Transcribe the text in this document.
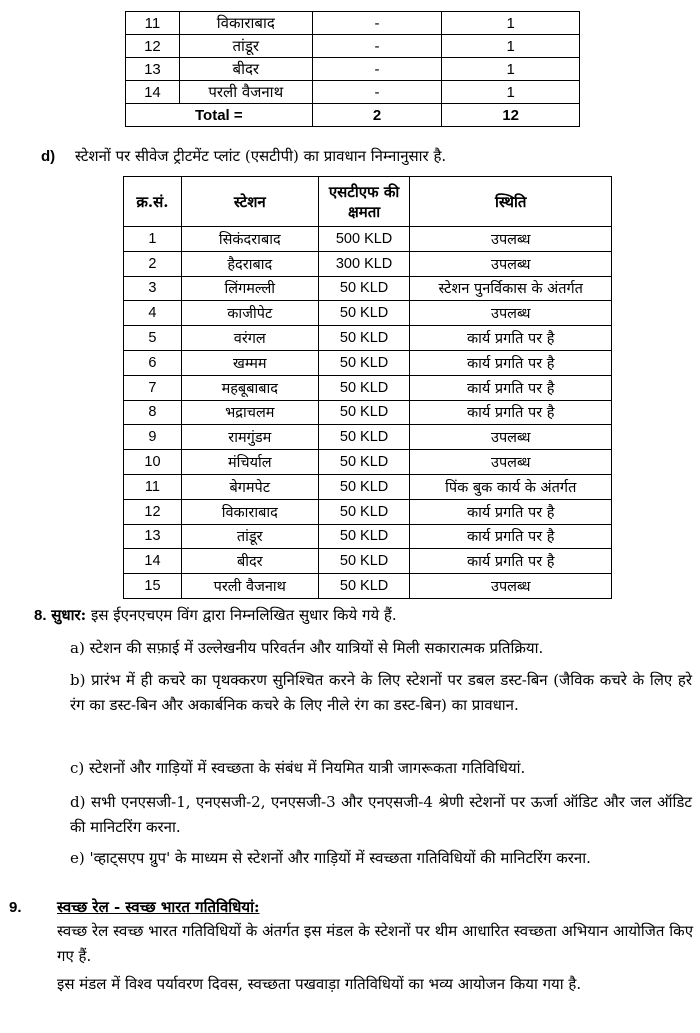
11	विकाराबाद	-	1
12	तांडूर	-	1
13	बीदर	-	1
14	परली वैजनाथ	-	1
Total =		2	12
d) स्टेशनों पर सीवेज ट्रीटमेंट प्लांट (एसटीपी) का प्रावधान निम्नानुसार है.
क्र.सं.	स्टेशन	एसटीएफ की क्षमता	स्थिति
1	सिकंदराबाद	500 KLD	उपलब्ध
2	हैदराबाद	300 KLD	उपलब्ध
3	लिंगमल्ली	50 KLD	स्टेशन पुनर्विकास के अंतर्गत
4	काजीपेट	50 KLD	उपलब्ध
5	वरंगल	50 KLD	कार्य प्रगति पर है
6	खम्मम	50 KLD	कार्य प्रगति पर है
7	महबूबाबाद	50 KLD	कार्य प्रगति पर है
8	भद्राचलम	50 KLD	कार्य प्रगति पर है
9	रामगुंडम	50 KLD	उपलब्ध
10	मंचिर्याल	50 KLD	उपलब्ध
11	बेगमपेट	50 KLD	पिंक बुक कार्य के अंतर्गत
12	विकाराबाद	50 KLD	कार्य प्रगति पर है
13	तांडूर	50 KLD	कार्य प्रगति पर है
14	बीदर	50 KLD	कार्य प्रगति पर है
15	परली वैजनाथ	50 KLD	उपलब्ध
8. सुधार: इस ईएनएचएम विंग द्वारा निम्नलिखित सुधार किये गये हैं.
a) स्टेशन की सफ़ाई में उल्लेखनीय परिवर्तन और यात्रियों से मिली सकारात्मक प्रतिक्रिया.
b) प्रारंभ में ही कचरे का पृथक्करण सुनिश्चित करने के लिए स्टेशनों पर डबल डस्ट-बिन (जैविक कचरे के लिए हरे रंग का डस्ट-बिन और अकार्बनिक कचरे के लिए नीले रंग का डस्ट-बिन) का प्रावधान.
c) स्टेशनों और गाड़ियों में स्वच्छता के संबंध में नियमित यात्री जागरूकता गतिविधियां.
d) सभी एनएसजी-1, एनएसजी-2, एनएसजी-3 और एनएसजी-4 श्रेणी स्टेशनों पर ऊर्जा ऑडिट और जल ऑडिट की मानिटरिंग करना.
e) 'व्हाट्सएप ग्रुप' के माध्यम से स्टेशनों और गाड़ियों में स्वच्छता गतिविधियों की मानिटरिंग करना.
9. स्वच्छ रेल - स्वच्छ भारत गतिविधियां:
स्वच्छ रेल स्वच्छ भारत गतिविधियों के अंतर्गत इस मंडल के स्टेशनों पर थीम आधारित स्वच्छता अभियान आयोजित किए गए हैं.
इस मंडल में विश्व पर्यावरण दिवस, स्वच्छता पखवाड़ा गतिविधियों का भव्य आयोजन किया गया है.
